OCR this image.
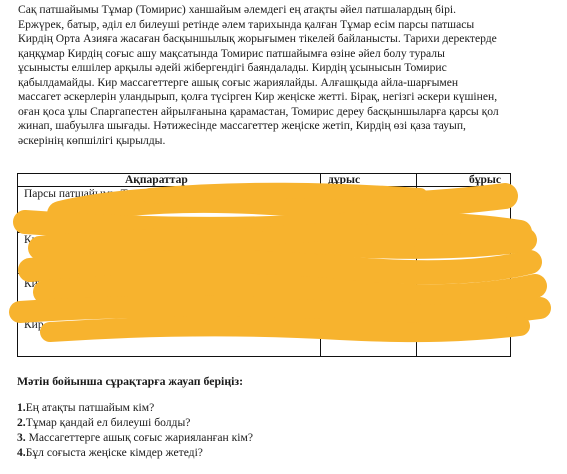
Сақ патшайымы Тұмар (Томирис) ханшайым әлемдегі ең атақты әйел патшалардың бірі.
Ержүрек, батыр, әділ ел билеушi ретінде әлем тарихында қалған Тұмар есім парсы патшасы
Кирдің Орта Азияға жасаған басқыншылық жорығымен тікелей байланысты. Тарихи деректерде
қаңқұмар Кирдің соғыс ашу мақсатында Томирис патшайымға өзіне әйел болу туралы
ұсынысты елшілер арқылы әдейі жібергендігі баяндалады. Кирдің ұсынысын Томирис
қабылдамайды. Кир массагеттерге ашық соғыс жариялайды. Алғашқыда айла-шарғымен
массагет әскерлерін уландырып, қолға түсірген Кир жеңіске жетті. Бірақ, негізгі әскери күшінен,
оған қоса ұлы Спаргапестен айрылғанына қарамастан, Томирис дереу басқыншыларға қарсы қол
жинап, шабуылға шығады. Нәтижесінде массагеттер жеңіске жетіп, Кирдің өзі қаза тауып,
әскерінің көпшілігі қырылды.

Ақпараттар	дұрыс	бұрыс
Парсы патшайымы Тұ
Кир
Кир
Кир

Мәтін бойынша сұрақтарға жауап беріңіз:

1.Ең атақты патшайым кім?
2.Тұмар қандай ел билеуші болды?
3. Массагеттерге ашық соғыс жарияланған кім?
4.Бұл соғыста жеңіске кімдер жетеді?
